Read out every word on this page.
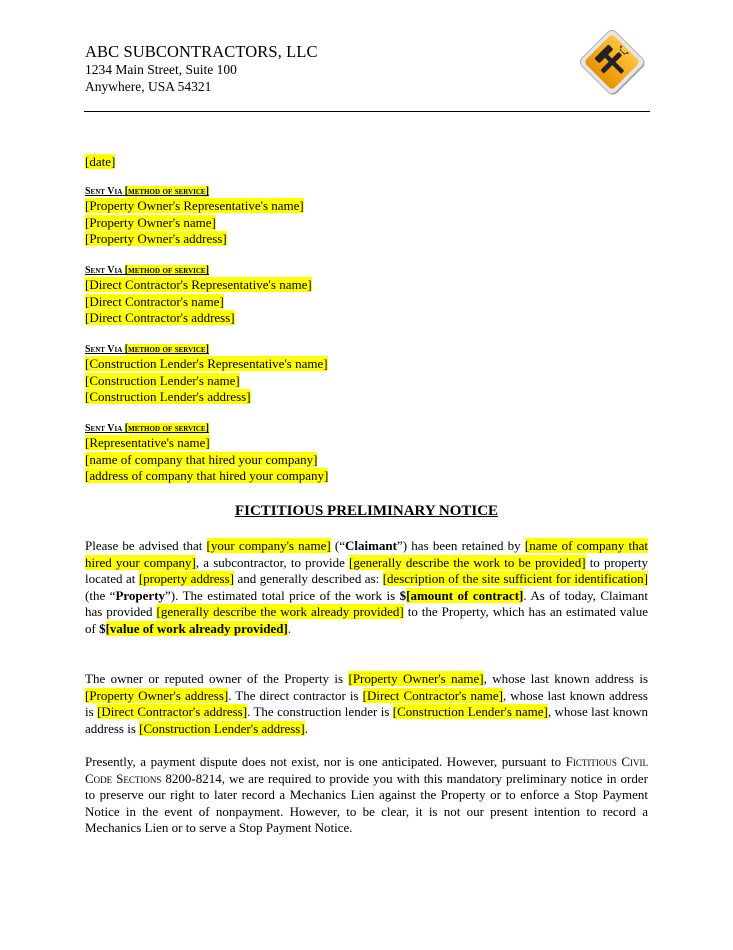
ABC SUBCONTRACTORS, LLC
1234 Main Street, Suite 100
Anywhere, USA 54321
[date]
Sent Via [method of service]
[Property Owner's Representative's name]
[Property Owner's name]
[Property Owner's address]
Sent Via [method of service]
[Direct Contractor's Representative's name]
[Direct Contractor's name]
[Direct Contractor's address]
Sent Via [method of service]
[Construction Lender's Representative's name]
[Construction Lender's name]
[Construction Lender's address]
Sent Via [method of service]
[Representative's name]
[name of company that hired your company]
[address of company that hired your company]
FICTITIOUS PRELIMINARY NOTICE
Please be advised that [your company's name] (“Claimant”) has been retained by [name of company that hired your company], a subcontractor, to provide [generally describe the work to be provided] to property located at [property address] and generally described as: [description of the site sufficient for identification] (the “Property”). The estimated total price of the work is $[amount of contract]. As of today, Claimant has provided [generally describe the work already provided] to the Property, which has an estimated value of $[value of work already provided].
The owner or reputed owner of the Property is [Property Owner's name], whose last known address is [Property Owner's address]. The direct contractor is [Direct Contractor's name], whose last known address is [Direct Contractor's address]. The construction lender is [Construction Lender's name], whose last known address is [Construction Lender's address].
Presently, a payment dispute does not exist, nor is one anticipated. However, pursuant to Fictitious Civil Code Sections 8200-8214, we are required to provide you with this mandatory preliminary notice in order to preserve our right to later record a Mechanics Lien against the Property or to enforce a Stop Payment Notice in the event of nonpayment. However, to be clear, it is not our present intention to record a Mechanics Lien or to serve a Stop Payment Notice.
